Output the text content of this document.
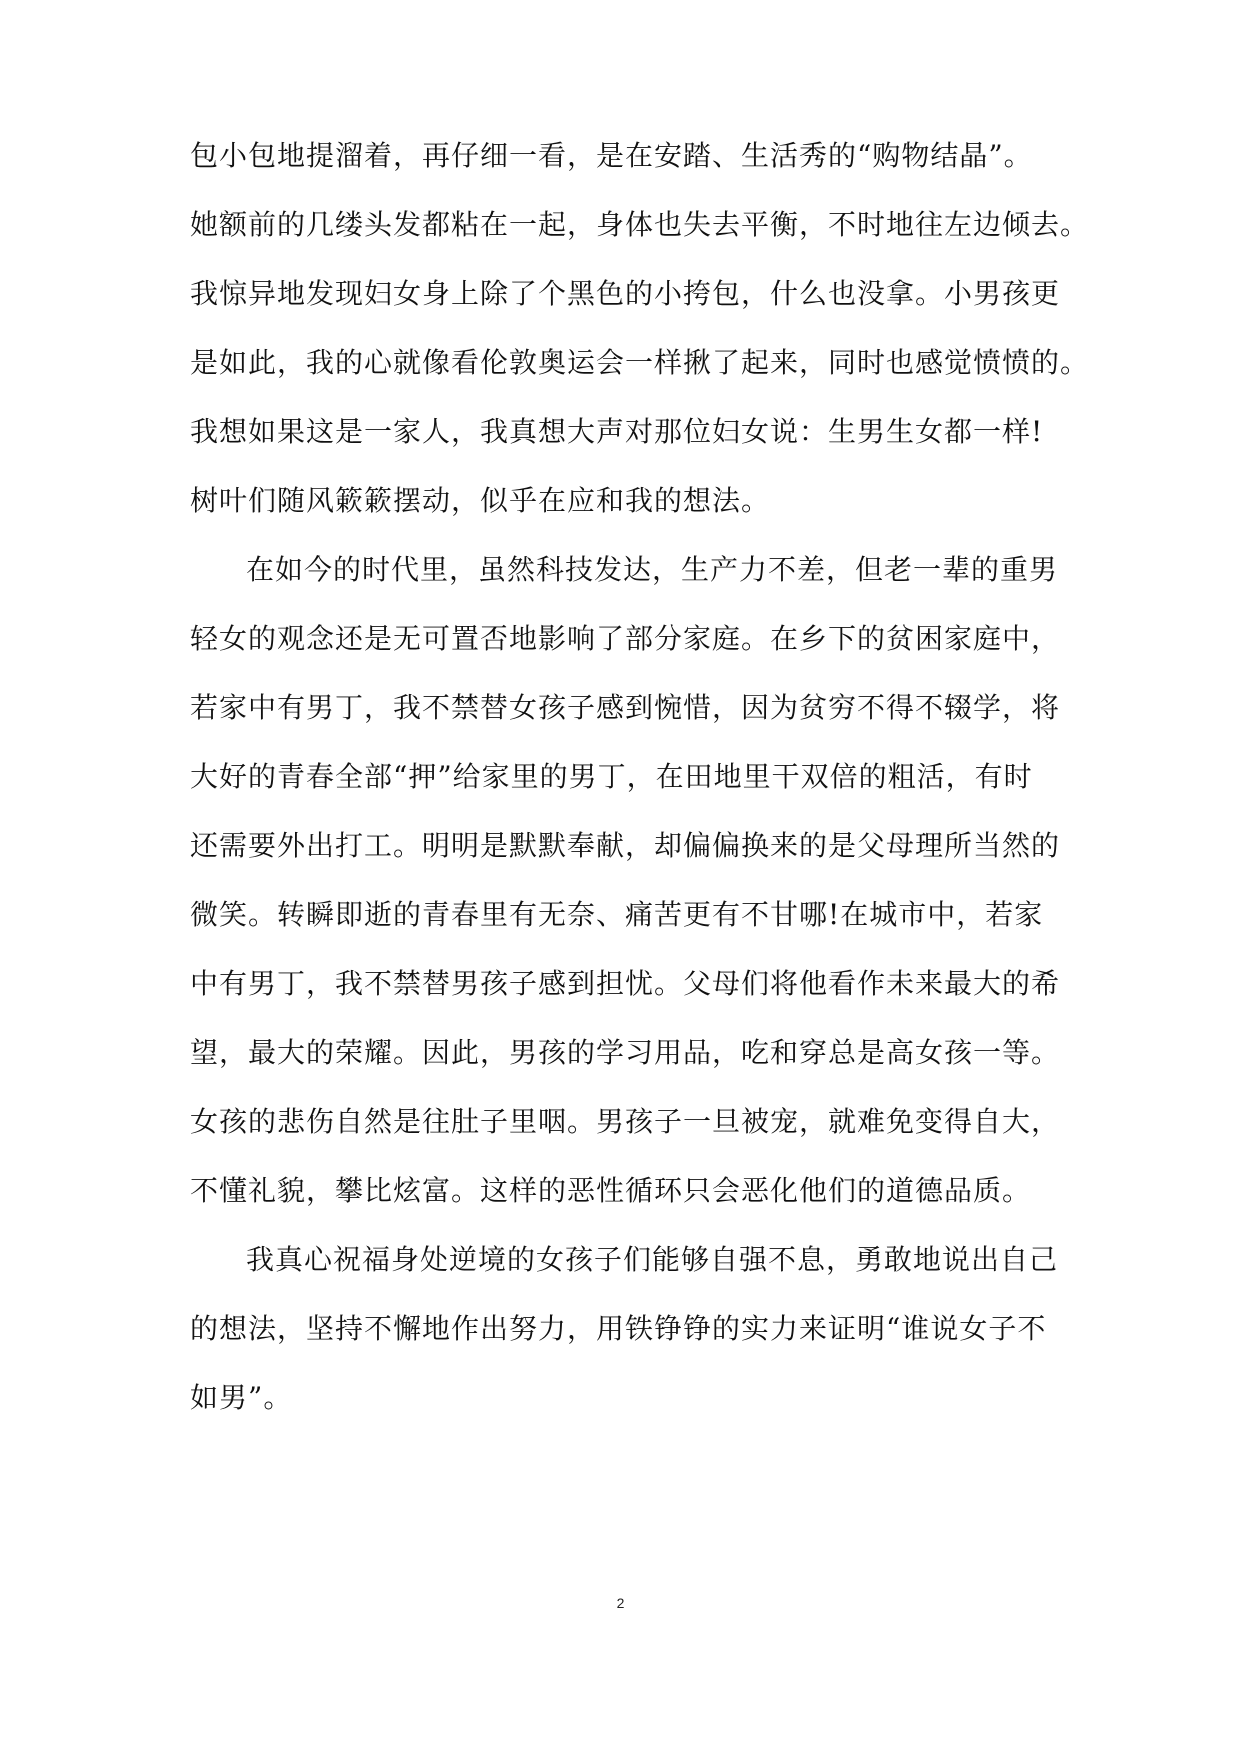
包小包地提溜着，再仔细一看，是在安踏、生活秀的“购物结晶”。
她额前的几缕头发都粘在一起，身体也失去平衡，不时地往左边倾去。
我惊异地发现妇女身上除了个黑色的小挎包，什么也没拿。小男孩更
是如此，我的心就像看伦敦奥运会一样揪了起来，同时也感觉愤愤的。
我想如果这是一家人，我真想大声对那位妇女说：生男生女都一样!
树叶们随风簌簌摆动，似乎在应和我的想法。
在如今的时代里，虽然科技发达，生产力不差，但老一辈的重男
轻女的观念还是无可置否地影响了部分家庭。在乡下的贫困家庭中，
若家中有男丁，我不禁替女孩子感到惋惜，因为贫穷不得不辍学，将
大好的青春全部“押”给家里的男丁，在田地里干双倍的粗活，有时
还需要外出打工。明明是默默奉献，却偏偏换来的是父母理所当然的
微笑。转瞬即逝的青春里有无奈、痛苦更有不甘哪!在城市中，若家
中有男丁，我不禁替男孩子感到担忧。父母们将他看作未来最大的希
望，最大的荣耀。因此，男孩的学习用品，吃和穿总是高女孩一等。
女孩的悲伤自然是往肚子里咽。男孩子一旦被宠，就难免变得自大，
不懂礼貌，攀比炫富。这样的恶性循环只会恶化他们的道德品质。
我真心祝福身处逆境的女孩子们能够自强不息，勇敢地说出自己
的想法，坚持不懈地作出努力，用铁铮铮的实力来证明“谁说女子不
如男”。
2
